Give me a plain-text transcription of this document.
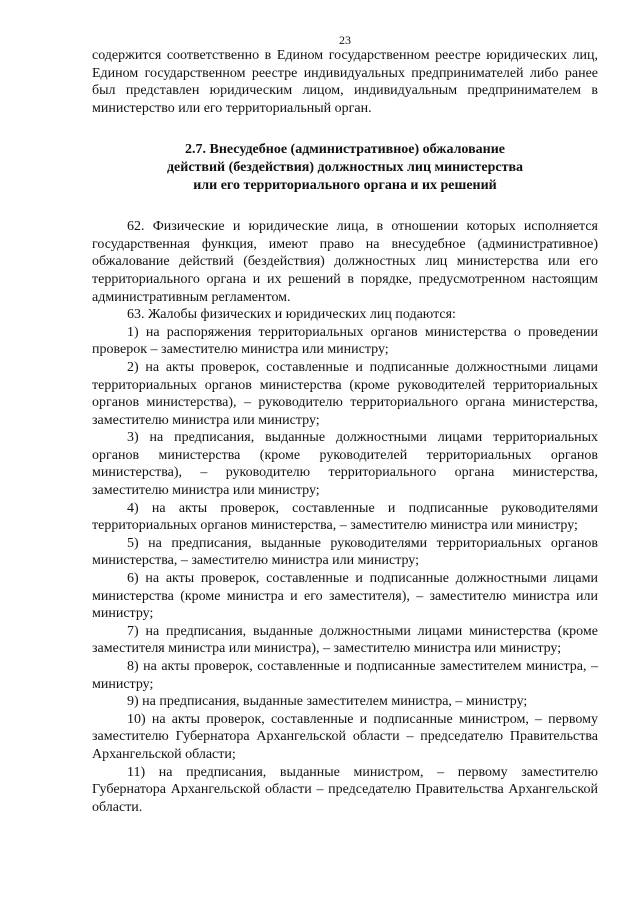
23

содержится соответственно в Едином государственном реестре юридических лиц, Едином государственном реестре индивидуальных предпринимателей либо ранее был представлен юридическим лицом, индивидуальным предпринимателем в министерство или его территориальный орган.

2.7. Внесудебное (административное) обжалование
действий (бездействия) должностных лиц министерства
или его территориального органа и их решений

62. Физические и юридические лица, в отношении которых исполняется государственная функция, имеют право на внесудебное (административное) обжалование действий (бездействия) должностных лиц министерства или его территориального органа и их решений в порядке, предусмотренном настоящим административным регламентом.

63. Жалобы физических и юридических лиц подаются:

1) на распоряжения территориальных органов министерства о проведении проверок – заместителю министра или министру;

2) на акты проверок, составленные и подписанные должностными лицами территориальных органов министерства (кроме руководителей территориальных органов министерства), – руководителю территориального органа министерства, заместителю министра или министру;

3) на предписания, выданные должностными лицами территориальных органов министерства (кроме руководителей территориальных органов министерства), – руководителю территориального органа министерства, заместителю министра или министру;

4) на акты проверок, составленные и подписанные руководителями территориальных органов министерства, – заместителю министра или министру;

5) на предписания, выданные руководителями территориальных органов министерства, – заместителю министра или министру;

6) на акты проверок, составленные и подписанные должностными лицами министерства (кроме министра и его заместителя), – заместителю министра или министру;

7) на предписания, выданные должностными лицами министерства (кроме заместителя министра или министра), – заместителю министра или министру;

8) на акты проверок, составленные и подписанные заместителем министра, – министру;

9) на предписания, выданные заместителем министра, – министру;

10) на акты проверок, составленные и подписанные министром, – первому заместителю Губернатора Архангельской области – председателю Правительства Архангельской области;

11) на предписания, выданные министром, – первому заместителю Губернатора Архангельской области – председателю Правительства Архангельской области.
